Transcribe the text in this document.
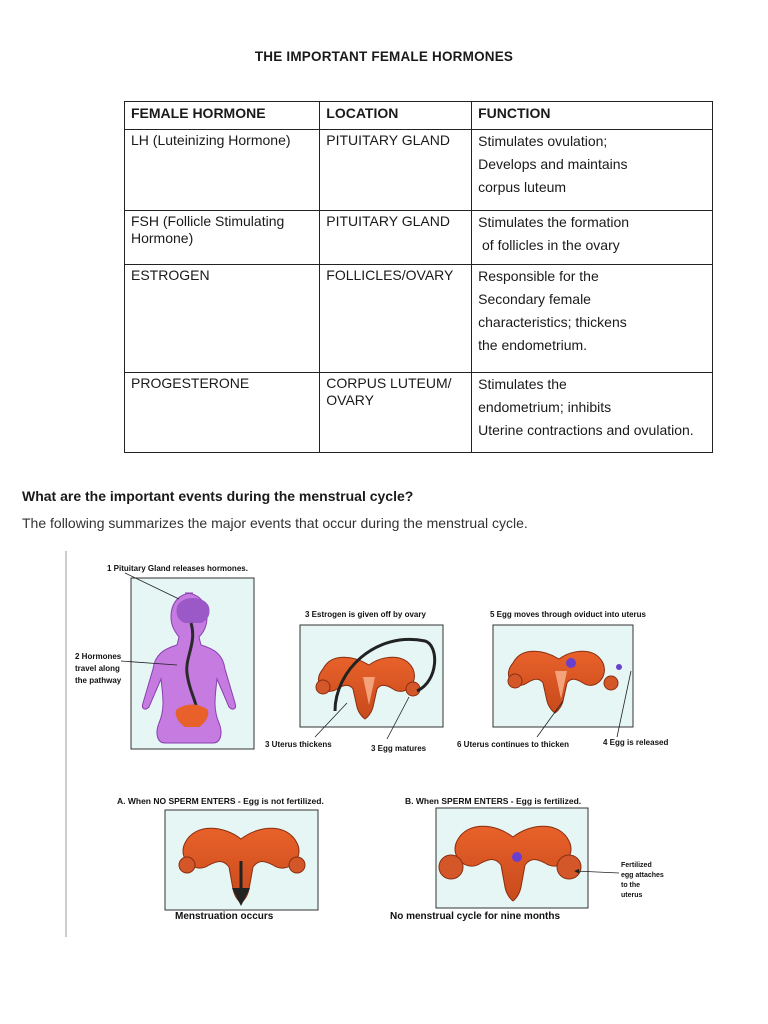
THE IMPORTANT FEMALE HORMONES
FEMALE HORMONE	LOCATION	FUNCTION
LH (Luteinizing Hormone)	PITUITARY GLAND	Stimulates ovulation;
Develops and maintains
corpus luteum

FSH (Follicle Stimulating Hormone)	PITUITARY GLAND	Stimulates the formation
of follicles in the ovary

ESTROGEN	FOLLICLES/OVARY	Responsible for the
Secondary female
characteristics; thickens
the endometrium.

PROGESTERONE	CORPUS LUTEUM/ OVARY	Stimulates the
endometrium; inhibits
Uterine contractions and ovulation.
What are the important events during the menstrual cycle?
The following summarizes the major events that occur during the menstrual cycle.
1 Pituitary Gland releases hormones.
2 Hormones
travel along
the pathway
3 Estrogen is given off by ovary
3 Uterus thickens	3 Egg matures
5 Egg moves through oviduct into uterus
6 Uterus continues to thicken	4 Egg is released
A. When NO SPERM ENTERS - Egg is not fertilized.
Menstruation occurs
B. When SPERM ENTERS - Egg is fertilized.
Fertilized
egg attaches
to the
uterus
No menstrual cycle for nine months
